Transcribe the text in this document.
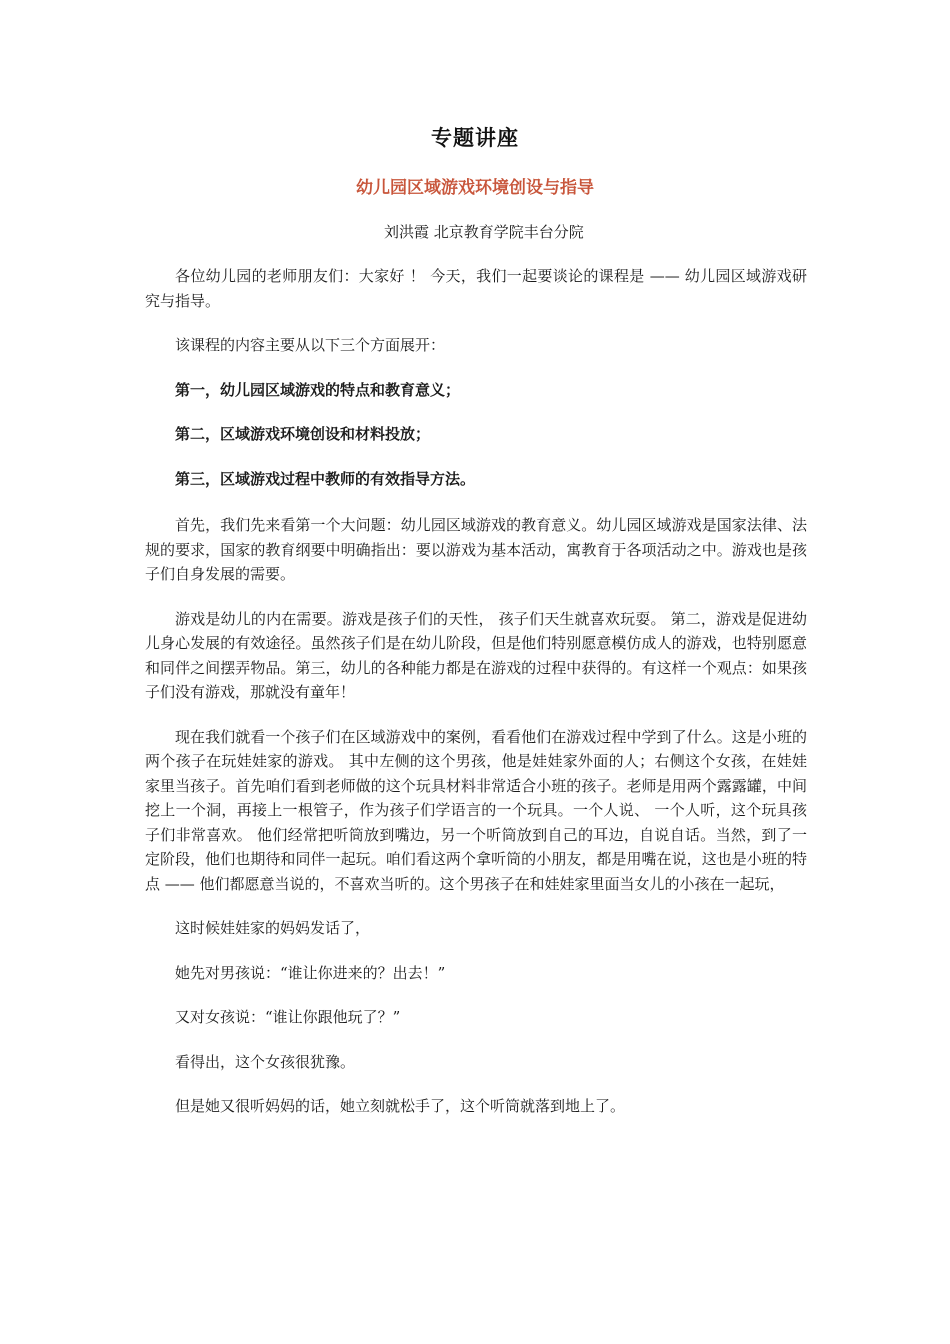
专题讲座
幼儿园区域游戏环境创设与指导
刘洪霞 北京教育学院丰台分院

各位幼儿园的老师朋友们：大家好 ！ 今天，我们一起要谈论的课程是 —— 幼儿园区域游戏研究与指导。

该课程的内容主要从以下三个方面展开：

第一，幼儿园区域游戏的特点和教育意义；

第二，区域游戏环境创设和材料投放；

第三，区域游戏过程中教师的有效指导方法。

首先，我们先来看第一个大问题：幼儿园区域游戏的教育意义。幼儿园区域游戏是国家法律、法规的要求，国家的教育纲要中明确指出：要以游戏为基本活动，寓教育于各项活动之中。游戏也是孩子们自身发展的需要。

游戏是幼儿的内在需要。游戏是孩子们的天性， 孩子们天生就喜欢玩耍。 第二，游戏是促进幼儿身心发展的有效途径。虽然孩子们是在幼儿阶段，但是他们特别愿意模仿成人的游戏，也特别愿意和同伴之间摆弄物品。第三，幼儿的各种能力都是在游戏的过程中获得的。有这样一个观点：如果孩子们没有游戏，那就没有童年！

现在我们就看一个孩子们在区域游戏中的案例，看看他们在游戏过程中学到了什么。这是小班的两个孩子在玩娃娃家的游戏。 其中左侧的这个男孩，他是娃娃家外面的人；右侧这个女孩，在娃娃家里当孩子。首先咱们看到老师做的这个玩具材料非常适合小班的孩子。老师是用两个露露罐，中间挖上一个洞，再接上一根管子，作为孩子们学语言的一个玩具。一个人说、 一个人听，这个玩具孩子们非常喜欢。 他们经常把听筒放到嘴边，另一个听筒放到自己的耳边，自说自话。当然，到了一定阶段，他们也期待和同伴一起玩。咱们看这两个拿听筒的小朋友，都是用嘴在说，这也是小班的特点 —— 他们都愿意当说的，不喜欢当听的。这个男孩子在和娃娃家里面当女儿的小孩在一起玩，

这时候娃娃家的妈妈发话了，

她先对男孩说：“谁让你进来的？出去！”

又对女孩说：“谁让你跟他玩了？”

看得出，这个女孩很犹豫。

但是她又很听妈妈的话，她立刻就松手了，这个听筒就落到地上了。
